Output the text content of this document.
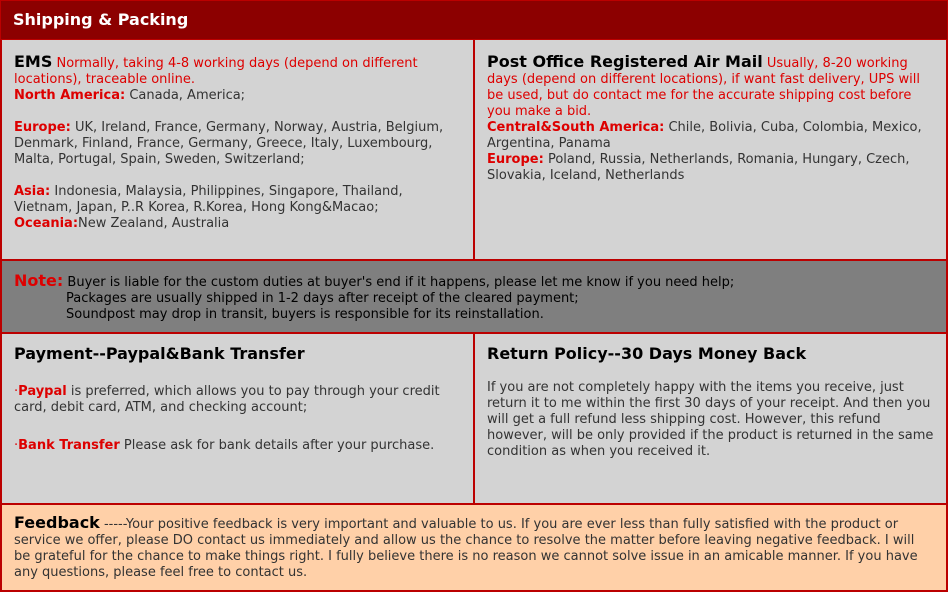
Shipping & Packing
EMS Normally, taking 4-8 working days (depend on different locations), traceable online.
North America: Canada, America;
Europe: UK, Ireland, France, Germany, Norway, Austria, Belgium, Denmark, Finland, France, Germany, Greece, Italy, Luxembourg, Malta, Portugal, Spain, Sweden, Switzerland;
Asia: Indonesia, Malaysia, Philippines, Singapore, Thailand, Vietnam, Japan, P..R Korea, R.Korea, Hong Kong&Macao;
Oceania:New Zealand, Australia
Post Office Registered Air Mail Usually, 8-20 working days (depend on different locations), if want fast delivery, UPS will be used, but do contact me for the accurate shipping cost before you make a bid.
Central&South America: Chile, Bolivia, Cuba, Colombia, Mexico, Argentina, Panama
Europe: Poland, Russia, Netherlands, Romania, Hungary, Czech, Slovakia, Iceland, Netherlands
Note: Buyer is liable for the custom duties at buyer's end if it happens, please let me know if you need help;

Packages are usually shipped in 1-2 days after receipt of the cleared payment;
Soundpost may drop in transit, buyers is responsible for its reinstallation.
Payment--Paypal&Bank Transfer
·Paypal is preferred, which allows you to pay through your credit card, debit card, ATM, and checking account;
·Bank Transfer Please ask for bank details after your purchase.
Return Policy--30 Days Money Back
If you are not completely happy with the items you receive, just return it to me within the first 30 days of your receipt. And then you will get a full refund less shipping cost. However, this refund however, will be only provided if the product is returned in the same condition as when you received it.
Feedback -----Your positive feedback is very important and valuable to us. If you are ever less than fully satisfied with the product or service we offer, please DO contact us immediately and allow us the chance to resolve the matter before leaving negative feedback. I will be grateful for the chance to make things right. I fully believe there is no reason we cannot solve issue in an amicable manner. If you have any questions, please feel free to contact us.
